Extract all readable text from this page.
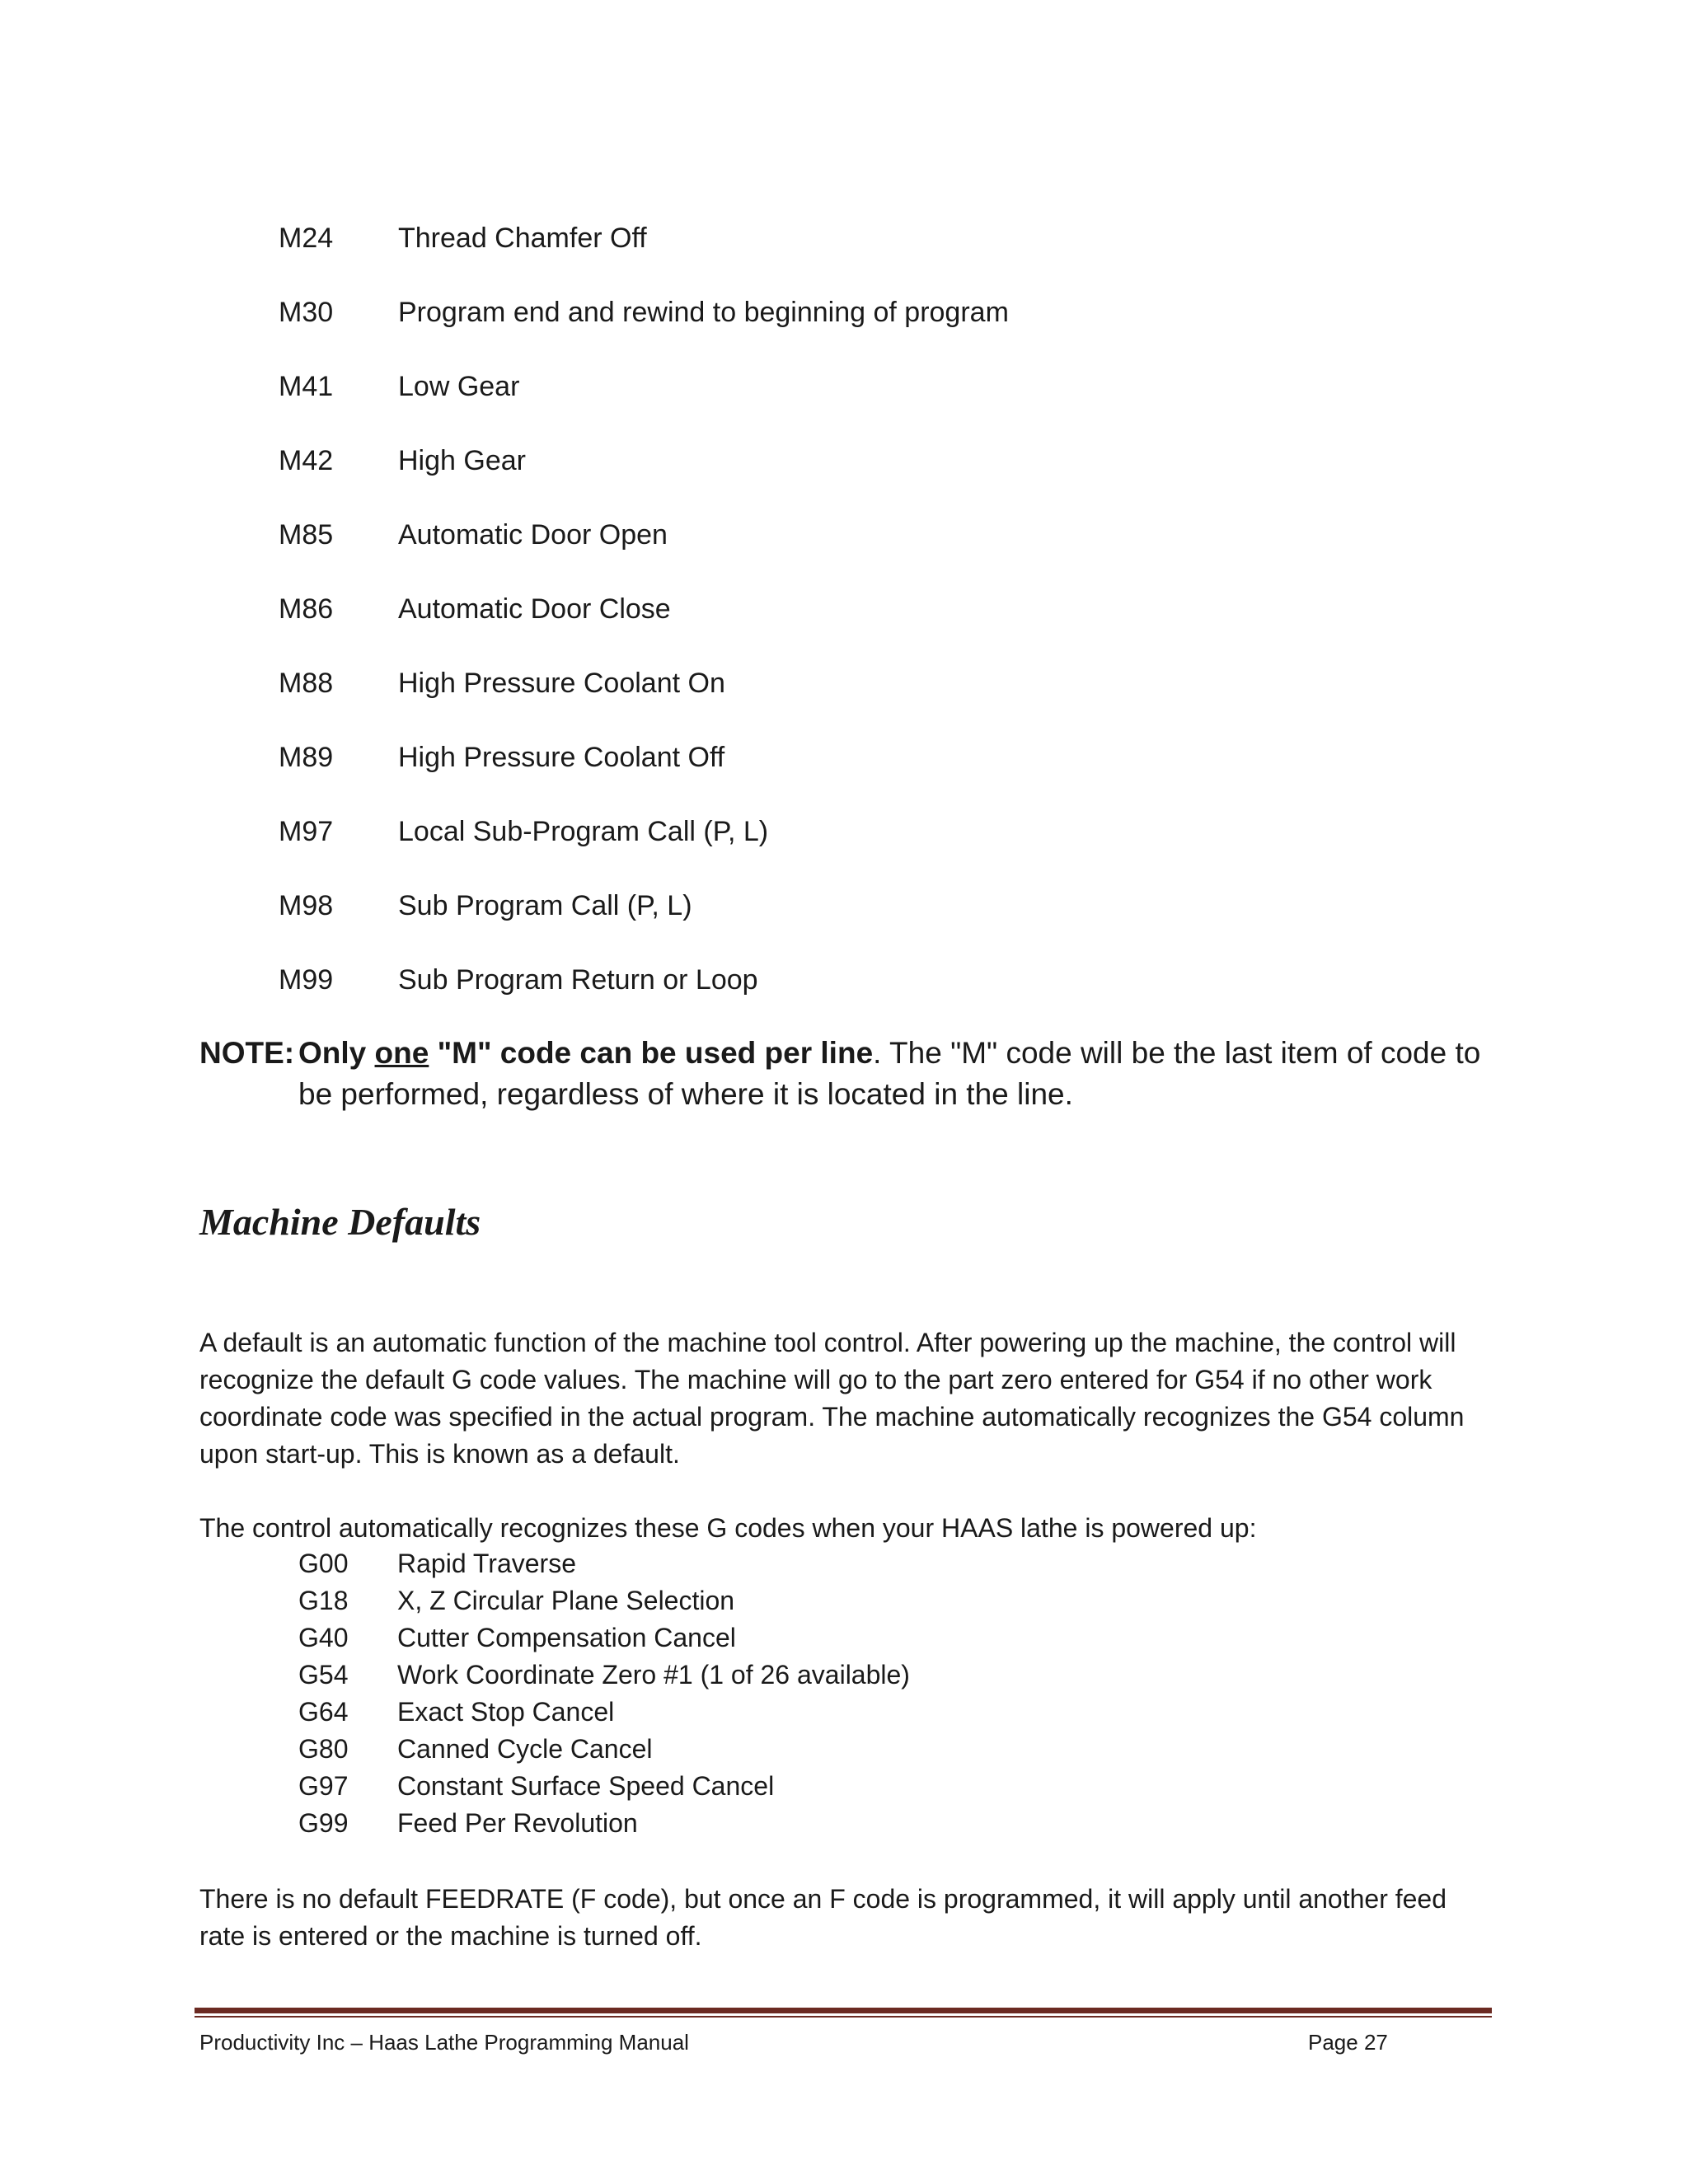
M24	Thread Chamfer Off
M30	Program end and rewind to beginning of program
M41	Low Gear
M42	High Gear
M85	Automatic Door Open
M86	Automatic Door Close
M88	High Pressure Coolant On
M89	High Pressure Coolant Off
M97	Local Sub-Program Call (P, L)
M98	Sub Program Call (P, L)
M99	Sub Program Return or Loop
NOTE: Only one "M" code can be used per line. The "M" code will be the last item of code to be performed, regardless of where it is located in the line.
Machine Defaults

A default is an automatic function of the machine tool control. After powering up the machine, the control will recognize the default G code values. The machine will go to the part zero entered for G54 if no other work coordinate code was specified in the actual program. The machine automatically recognizes the G54 column upon start-up. This is known as a default.

The control automatically recognizes these G codes when your HAAS lathe is powered up:

G00	Rapid Traverse
G18	X, Z Circular Plane Selection
G40	Cutter Compensation Cancel
G54	Work Coordinate Zero #1 (1 of 26 available)
G64	Exact Stop Cancel
G80	Canned Cycle Cancel
G97	Constant Surface Speed Cancel
G99	Feed Per Revolution

There is no default FEEDRATE (F code), but once an F code is programmed, it will apply until another feed rate is entered or the machine is turned off.

Productivity Inc – Haas Lathe Programming Manual	Page 27
